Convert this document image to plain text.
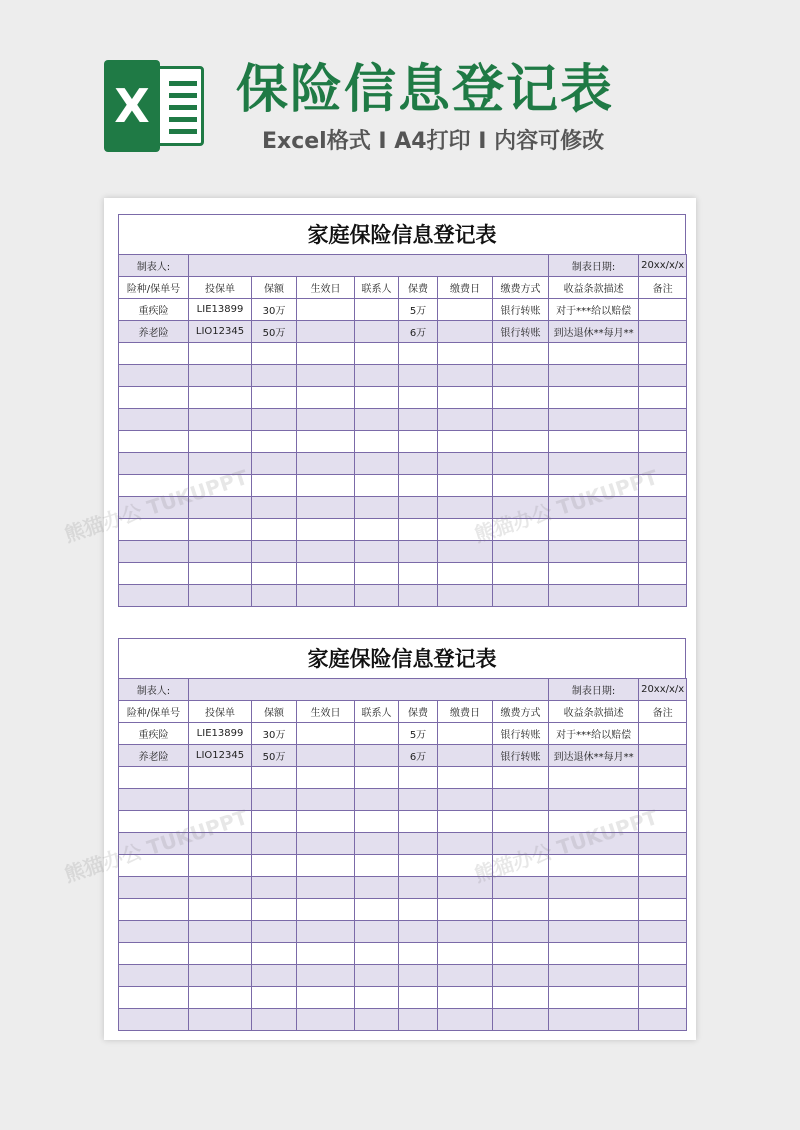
X 保险信息登记表
Excel格式 I A4打印 I 内容可修改
家庭保险信息登记表
制表人:								制表日期:	20xx/x/x
险种/保单号	投保单	保额	生效日	联系人	保费	缴费日	缴费方式	收益条款描述	备注
重疾险	LIE13899	30万			5万		银行转账	对于***给以赔偿	
养老险	LIO12345	50万			6万		银行转账	到达退休**每月**	

家庭保险信息登记表
制表人:								制表日期:	20xx/x/x
险种/保单号	投保单	保额	生效日	联系人	保费	缴费日	缴费方式	收益条款描述	备注
重疾险	LIE13899	30万			5万		银行转账	对于***给以赔偿	
养老险	LIO12345	50万			6万		银行转账	到达退休**每月**	
